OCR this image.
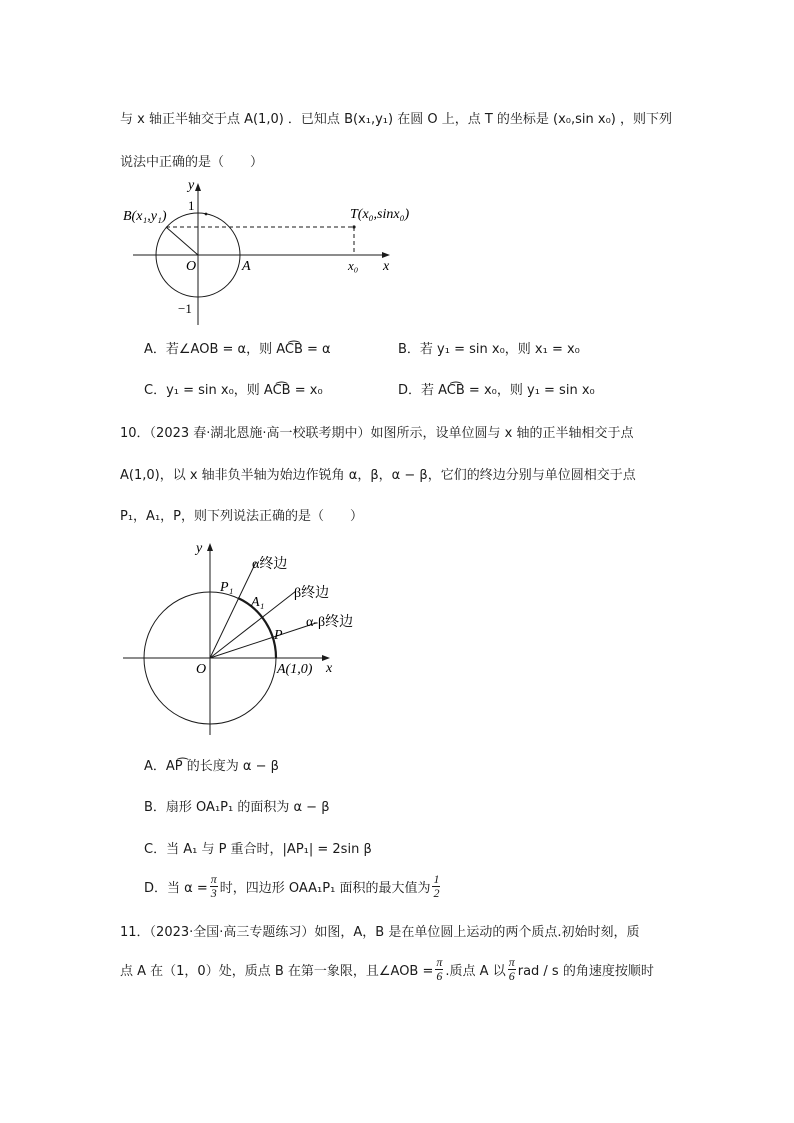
与 x 轴正半轴交于点 A(1,0) ．已知点 B(x₁,y₁) 在圆 O 上，点 T 的坐标是 (x₀,sin x₀) ，则下列
说法中正确的是（　　）
y
1
B(x₁,y₁)	T(x₀,sinx₀)
O	A	x₀ x
−1
A．若∠AOB = α，则 AC͡B = α	B．若 y₁ = sin x₀，则 x₁ = x₀
C．y₁ = sin x₀，则 AC͡B = x₀	D．若 AC͡B = x₀，则 y₁ = sin x₀
10．（2023 春·湖北恩施·高一校联考期中）如图所示，设单位圆与 x 轴的正半轴相交于点
A(1,0)，以 x 轴非负半轴为始边作锐角 α，β，α − β，它们的终边分别与单位圆相交于点
P₁，A₁，P，则下列说法正确的是（　　）
y
α终边
β终边
α-β终边
P₁
A₁
P
O	A(1,0) x
A．AP͡ 的长度为 α − β
B．扇形 OA₁P₁ 的面积为 α − β
C．当 A₁ 与 P 重合时，|AP₁| = 2sin β
D．当 $\alpha = \frac{\pi}{3}$ 时，四边形 OAA₁P₁ 面积的最大值为 $\frac{1}{2}$
11．（2023·全国·高三专题练习）如图，A，B 是在单位圆上运动的两个质点.初始时刻，质
点 A 在（1，0）处，质点 B 在第一象限，且∠AOB = $\frac{\pi}{6}$ .质点 A 以 $\frac{\pi}{6}$ rad / s 的角速度按顺时
